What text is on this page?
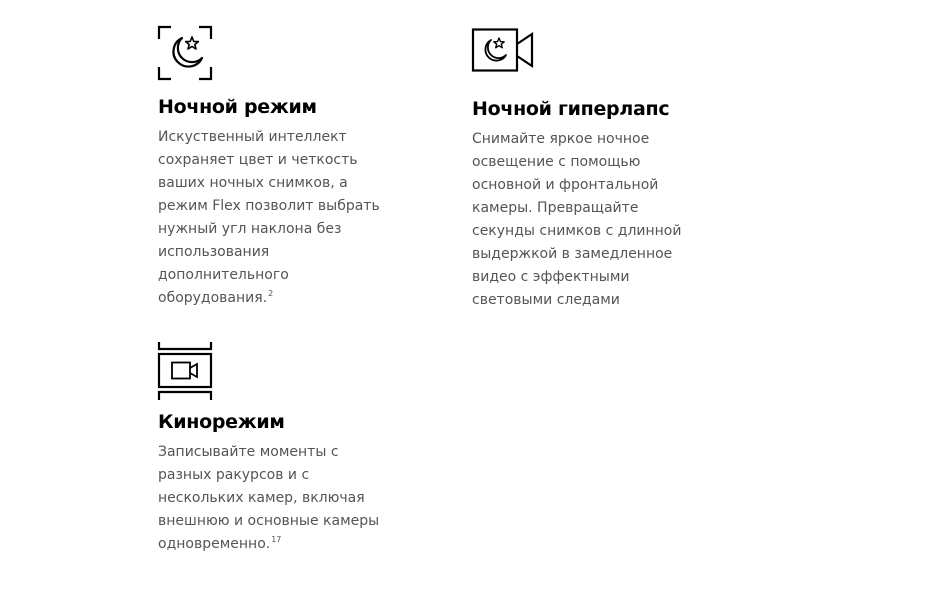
Ночной режим
Искуственный интеллект сохраняет цвет и четкость ваших ночных снимков, а режим Flex позволит выбрать нужный угл наклона без использования дополнительного оборудования.$^2$
Ночной гиперлапс
Снимайте яркое ночное освещение с помощью основной и фронтальной камеры. Превращайте секунды снимков с длинной выдержкой в замедленное видео с эффектными световыми следами
Кинорежим
Записывайте моменты с разных ракурсов и с нескольких камер, включая внешнюю и основные камеры одновременно.$^{17}$
